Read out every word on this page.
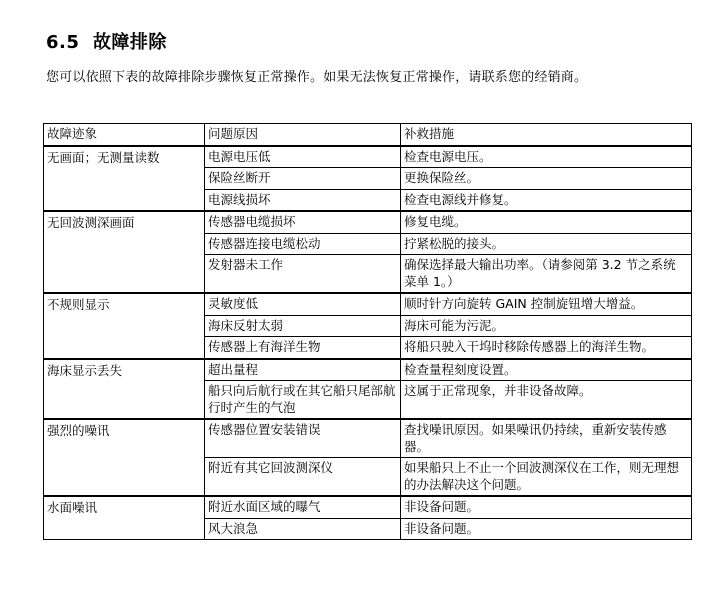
6.5 故障排除

您可以依照下表的故障排除步骤恢复正常操作。如果无法恢复正常操作，请联系您的经销商。

故障迹象	问题原因	补救措施
无画面；无测量读数	电源电压低	检查电源电压。
	保险丝断开	更换保险丝。
	电源线损坏	检查电源线并修复。
无回波测深画面	传感器电缆损坏	修复电缆。
	传感器连接电缆松动	拧紧松脱的接头。
	发射器未工作	确保选择最大输出功率。（请参阅第 3.2 节之系统菜单 1。）
不规则显示	灵敏度低	顺时针方向旋转 GAIN 控制旋钮增大增益。
	海床反射太弱	海床可能为污泥。
	传感器上有海洋生物	将船只驶入干坞时移除传感器上的海洋生物。
海床显示丢失	超出量程	检查量程刻度设置。
	船只向后航行或在其它船只尾部航行时产生的气泡	这属于正常现象，并非设备故障。
强烈的噪讯	传感器位置安装错误	查找噪讯原因。如果噪讯仍持续，重新安装传感器。
	附近有其它回波测深仪	如果船只上不止一个回波测深仪在工作，则无理想的办法解决这个问题。
水面噪讯	附近水面区域的曝气	非设备问题。
	风大浪急	非设备问题。
